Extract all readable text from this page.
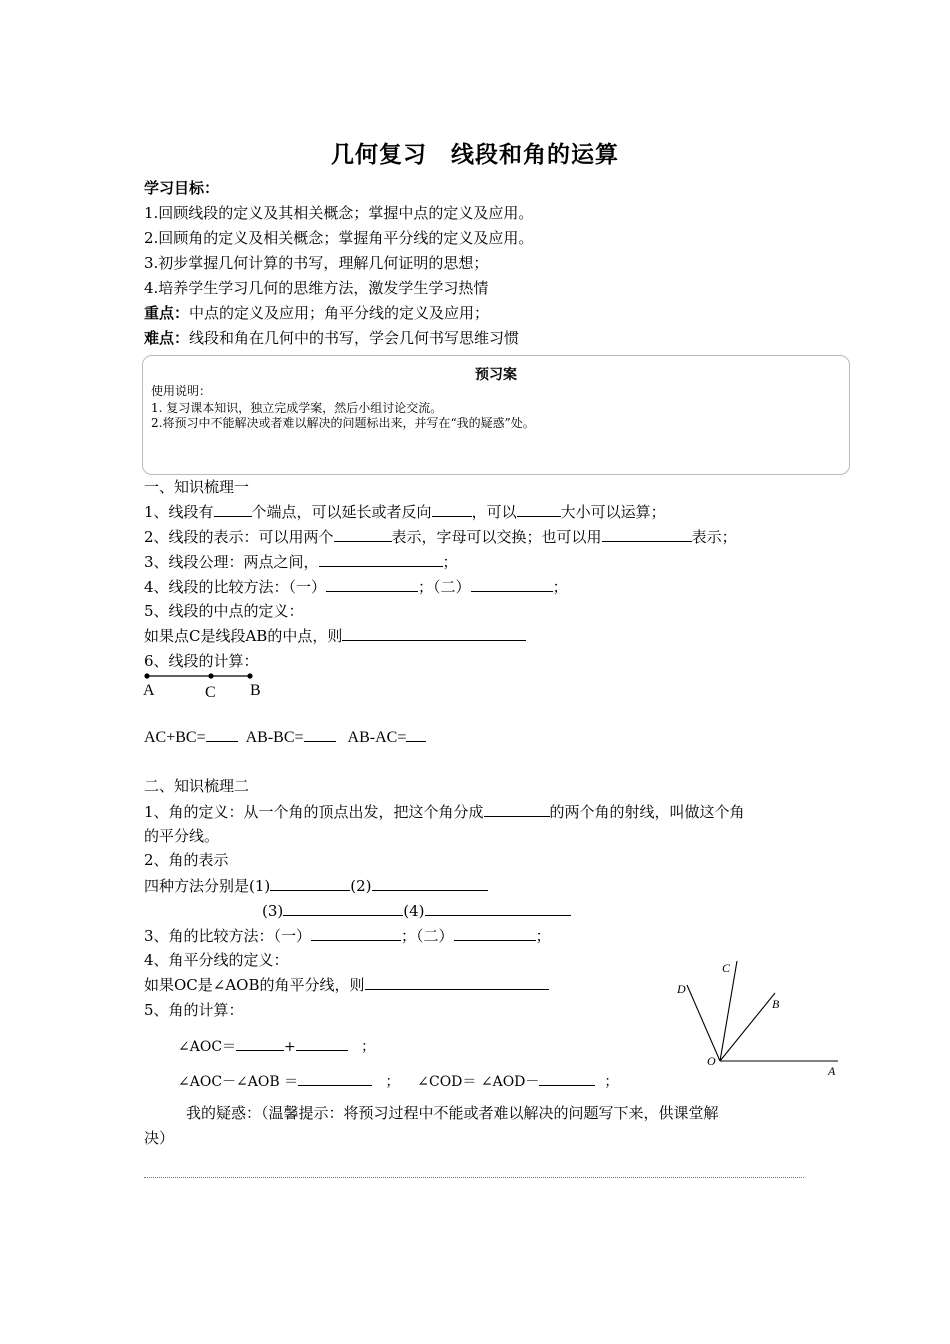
几何复习　线段和角的运算
学习目标：
1.回顾线段的定义及其相关概念；掌握中点的定义及应用。
2.回顾角的定义及相关概念；掌握角平分线的定义及应用。
3.初步掌握几何计算的书写，理解几何证明的思想；
4.培养学生学习几何的思维方法，激发学生学习热情
重点：中点的定义及应用；角平分线的定义及应用；
难点：线段和角在几何中的书写，学会几何书写思维习惯
预习案
使用说明：
1. 复习课本知识，独立完成学案，然后小组讨论交流。
2.将预习中不能解决或者难以解决的问题标出来，并写在“我的疑惑”处。
一、知识梳理一
1、线段有	个端点，可以延长或者反向	，可以	大小可以运算；
2、线段的表示：可以用两个	表示，字母可以交换；也可以用	表示；
3、线段公理：两点之间，	；
4、线段的比较方法：（一）	；（二）	；
5、线段的中点的定义：
如果点C是线段AB的中点，则
6、线段的计算：
A	C B
AC+BC=	AB-BC=	AB-AC=
二、知识梳理二
1、角的定义：从一个角的顶点出发，把这个角分成	的两个角的射线，叫做这个角
的平分线。
2、角的表示
四种方法分别是(1)	(2)
(3)	(4)
3、角的比较方法：（一）	；（二）	；
4、角平分线的定义：
如果OC是∠AOB的角平分线，则
5、角的计算：
∠AOC＝	+	；
∠AOC－∠AOB ＝	； ∠COD＝ ∠AOD－	；
D
C
B
O
A
我的疑惑：（温馨提示：将预习过程中不能或者难以解决的问题写下来，供课堂解
决）
